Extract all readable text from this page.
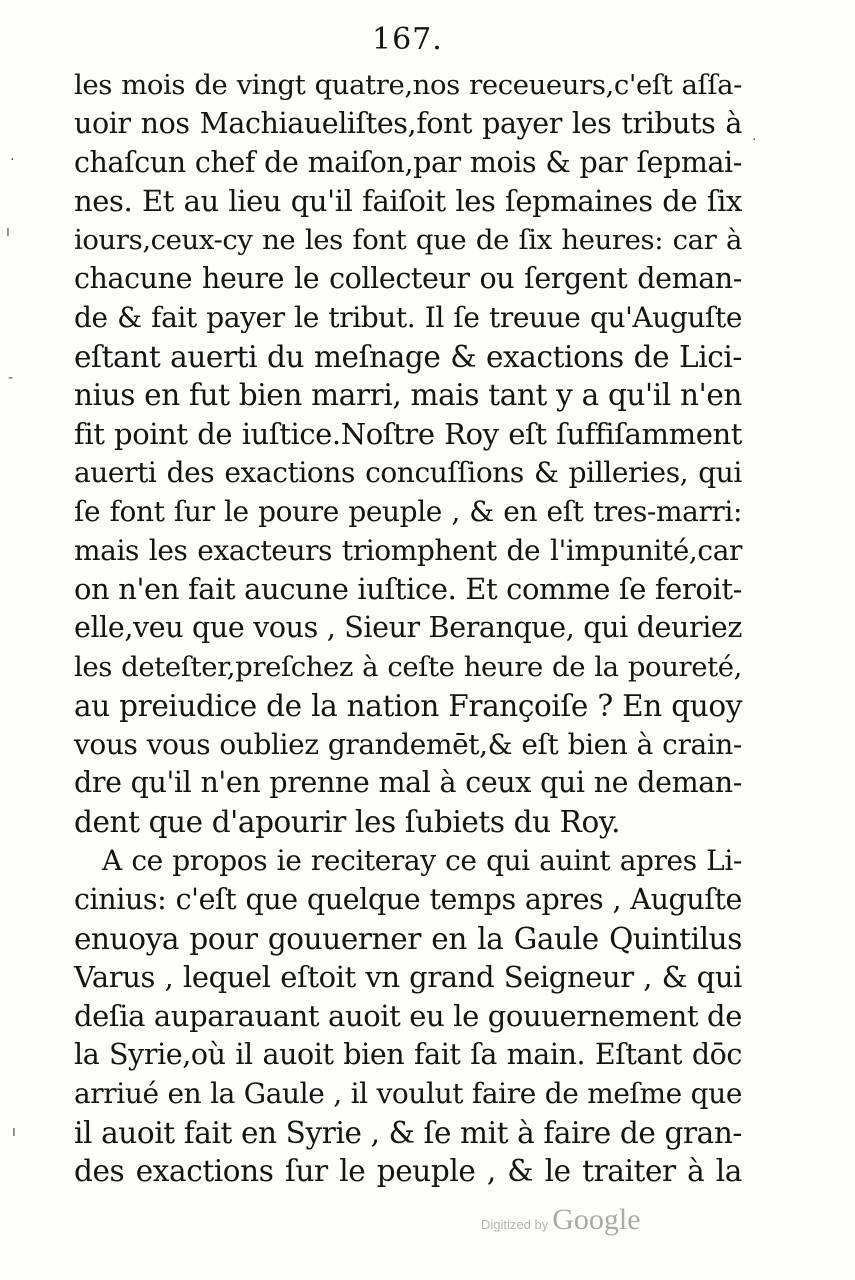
167.
les mois de vingt quatre,nos receueurs,c'eſt aſſa-
uoir nos Machiaueliſtes,font payer les tributs à
chaſcun chef de maiſon,par mois & par ſepmai-
nes. Et au lieu qu'il faiſoit les ſepmaines de ſix
iours,ceux-cy ne les font que de ſix heures: car à
chacune heure le collecteur ou ſergent deman-
de & fait payer le tribut. Il ſe treuue qu'Auguſte
eſtant auerti du meſnage & exactions de Lici-
nius en fut bien marri, mais tant y a qu'il n'en
fit point de iuſtice.Noſtre Roy eſt ſuffiſamment
auerti des exactions concuſſions & pilleries, qui
ſe font ſur le poure peuple , & en eſt tres-marri:
mais les exacteurs triomphent de l'impunité,car
on n'en fait aucune iuſtice. Et comme ſe feroit-
elle,veu que vous , Sieur Beranque, qui deuriez
les deteſter,preſchez à ceſte heure de la poureté,
au preiudice de la nation Françoiſe ? En quoy
vous vous oubliez grandemēt,& eſt bien à crain-
dre qu'il n'en prenne mal à ceux qui ne deman-
dent que d'apourir les ſubiets du Roy.
A ce propos ie reciteray ce qui auint apres Li-
cinius: c'eſt que quelque temps apres , Auguſte
enuoya pour gouuerner en la Gaule Quintilus
Varus , lequel eſtoit vn grand Seigneur , & qui
deſia auparauant auoit eu le gouuernement de
la Syrie,où il auoit bien fait ſa main. Eſtant dōc
arriué en la Gaule , il voulut faire de meſme que
il auoit fait en Syrie , & ſe mit à faire de gran-
des exactions ſur le peuple , & le traiter à la
·
ı
-
.
ı
Digitized by Google
